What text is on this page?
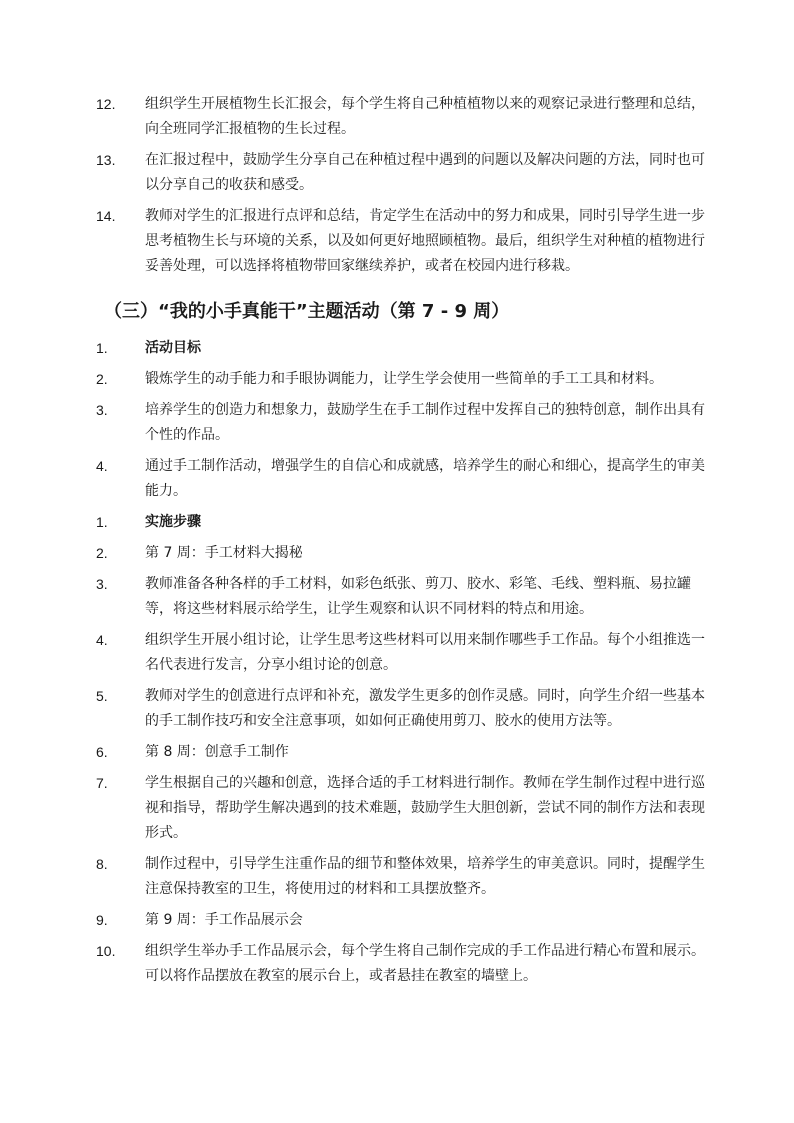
12.	组织学生开展植物生长汇报会，每个学生将自己种植植物以来的观察记录进行整理和总结，向全班同学汇报植物的生长过程。
13.	在汇报过程中，鼓励学生分享自己在种植过程中遇到的问题以及解决问题的方法，同时也可以分享自己的收获和感受。
14.	教师对学生的汇报进行点评和总结，肯定学生在活动中的努力和成果，同时引导学生进一步思考植物生长与环境的关系，以及如何更好地照顾植物。最后，组织学生对种植的植物进行妥善处理，可以选择将植物带回家继续养护，或者在校园内进行移栽。
（三）“我的小手真能干”主题活动（第 7 - 9 周）
1.	活动目标
2.	锻炼学生的动手能力和手眼协调能力，让学生学会使用一些简单的手工工具和材料。
3.	培养学生的创造力和想象力，鼓励学生在手工制作过程中发挥自己的独特创意，制作出具有个性的作品。
4.	通过手工制作活动，增强学生的自信心和成就感，培养学生的耐心和细心，提高学生的审美能力。
1.	实施步骤
2.	第 7 周：手工材料大揭秘
3.	教师准备各种各样的手工材料，如彩色纸张、剪刀、胶水、彩笔、毛线、塑料瓶、易拉罐等，将这些材料展示给学生，让学生观察和认识不同材料的特点和用途。
4.	组织学生开展小组讨论，让学生思考这些材料可以用来制作哪些手工作品。每个小组推选一名代表进行发言，分享小组讨论的创意。
5.	教师对学生的创意进行点评和补充，激发学生更多的创作灵感。同时，向学生介绍一些基本的手工制作技巧和安全注意事项，如如何正确使用剪刀、胶水的使用方法等。
6.	第 8 周：创意手工制作
7.	学生根据自己的兴趣和创意，选择合适的手工材料进行制作。教师在学生制作过程中进行巡视和指导，帮助学生解决遇到的技术难题，鼓励学生大胆创新，尝试不同的制作方法和表现形式。
8.	制作过程中，引导学生注重作品的细节和整体效果，培养学生的审美意识。同时，提醒学生注意保持教室的卫生，将使用过的材料和工具摆放整齐。
9.	第 9 周：手工作品展示会
10.	组织学生举办手工作品展示会，每个学生将自己制作完成的手工作品进行精心布置和展示。可以将作品摆放在教室的展示台上，或者悬挂在教室的墙壁上。
